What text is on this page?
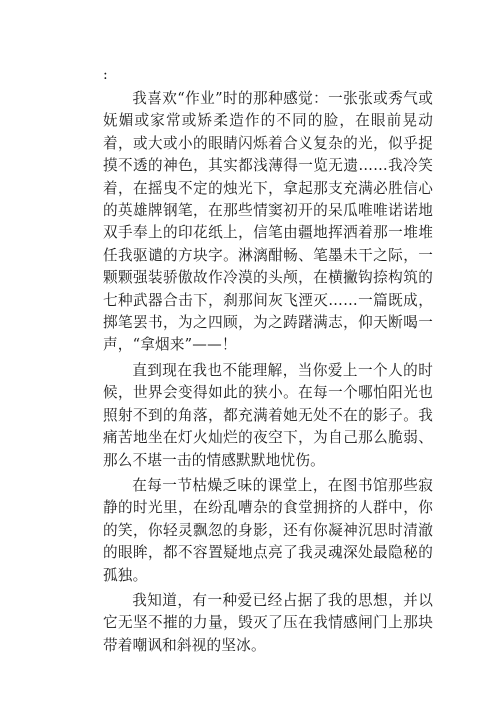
:

我喜欢“作业”时的那种感觉：一张张或秀气或妩媚或家常或矫柔造作的不同的脸，在眼前晃动着，或大或小的眼睛闪烁着合义复杂的光，似乎捉摸不透的神色，其实都浅薄得一览无遗……我冷笑着，在摇曳不定的烛光下，拿起那支充满必胜信心的英雄牌钢笔，在那些情窦初开的呆瓜唯唯诺诺地双手奉上的印花纸上，信笔由疆地挥洒着那一堆堆任我驱谴的方块字。淋漓酣畅、笔墨未干之际，一颗颗强装骄傲故作冷漠的头颅，在横撇钩捺构筑的七种武器合击下，刹那间灰飞湮灭……一篇既成，掷笔罢书，为之四顾，为之踌躇满志，仰天断喝一声，“拿烟来”——！

直到现在我也不能理解，当你爱上一个人的时候，世界会变得如此的狭小。在每一个哪怕阳光也照射不到的角落，都充满着她无处不在的影子。我痛苦地坐在灯火灿烂的夜空下，为自己那么脆弱、那么不堪一击的情感默默地忧伤。

在每一节枯燥乏味的课堂上，在图书馆那些寂静的时光里，在纷乱嘈杂的食堂拥挤的人群中，你的笑，你轻灵飘忽的身影，还有你凝神沉思时清澈的眼眸，都不容置疑地点亮了我灵魂深处最隐秘的孤独。

我知道，有一种爱已经占据了我的思想，并以它无坚不摧的力量，毁灭了压在我情感闸门上那块带着嘲讽和斜视的坚冰。
